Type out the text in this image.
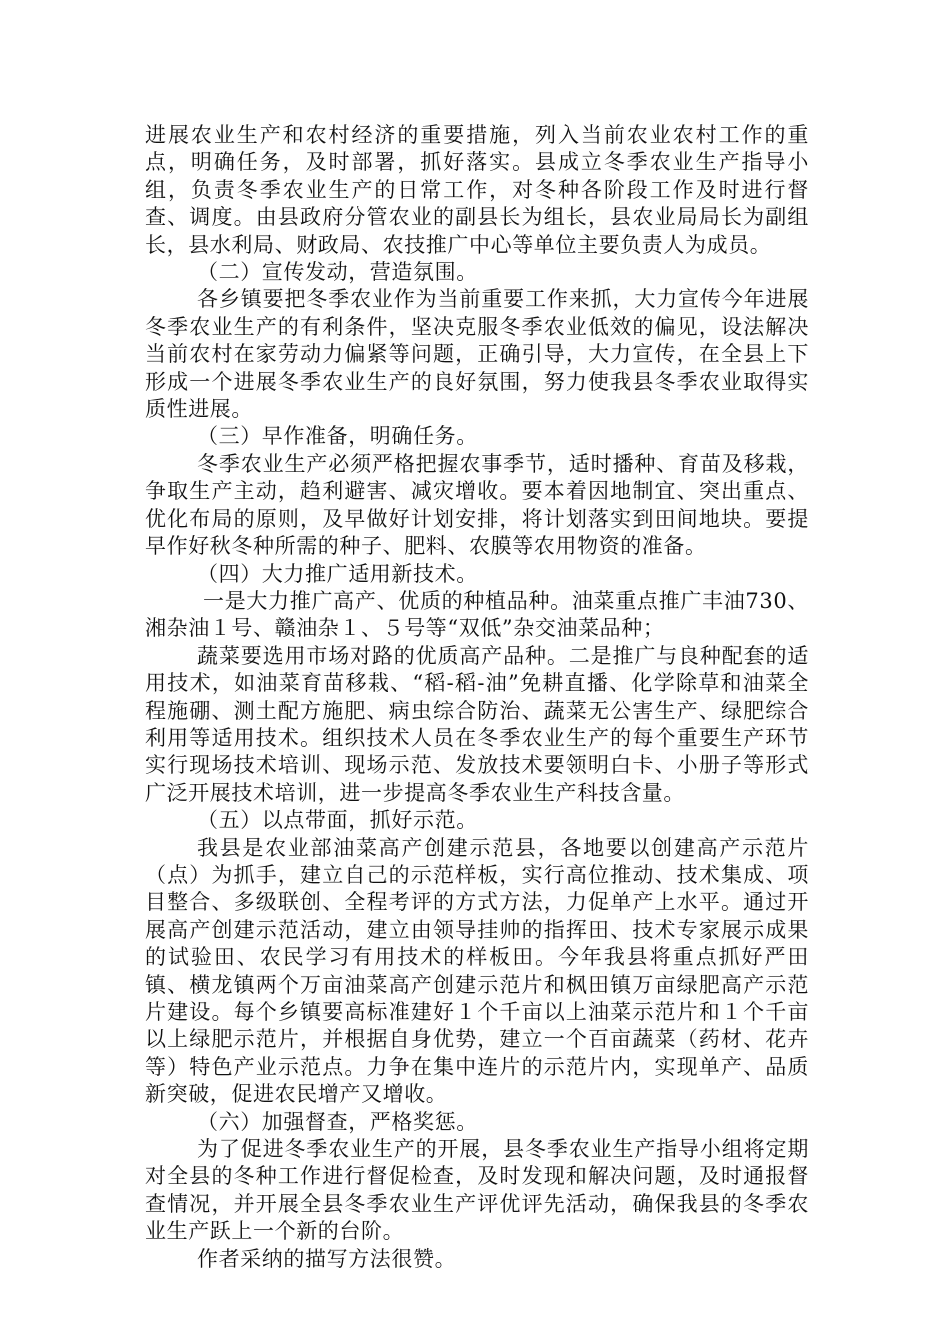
进展农业生产和农村经济的重要措施，列入当前农业农村工作的重点，明确任务，及时部署，抓好落实。县成立冬季农业生产指导小组，负责冬季农业生产的日常工作，对冬种各阶段工作及时进行督查、调度。由县政府分管农业的副县长为组长，县农业局局长为副组长，县水利局、财政局、农技推广中心等单位主要负责人为成员。

（二）宣传发动，营造氛围。

各乡镇要把冬季农业作为当前重要工作来抓，大力宣传今年进展冬季农业生产的有利条件，坚决克服冬季农业低效的偏见，设法解决当前农村在家劳动力偏紧等问题，正确引导，大力宣传，在全县上下形成一个进展冬季农业生产的良好氛围，努力使我县冬季农业取得实质性进展。

（三）早作准备，明确任务。

冬季农业生产必须严格把握农事季节，适时播种、育苗及移栽，争取生产主动，趋利避害、减灾增收。要本着因地制宜、突出重点、优化布局的原则，及早做好计划安排，将计划落实到田间地块。要提早作好秋冬种所需的种子、肥料、农膜等农用物资的准备。

（四）大力推广适用新技术。

一是大力推广高产、优质的种植品种。油菜重点推广丰油730、湘杂油１号、赣油杂１、５号等“双低”杂交油菜品种；

蔬菜要选用市场对路的优质高产品种。二是推广与良种配套的适用技术，如油菜育苗移栽、“稻-稻-油”免耕直播、化学除草和油菜全程施硼、测土配方施肥、病虫综合防治、蔬菜无公害生产、绿肥综合利用等适用技术。组织技术人员在冬季农业生产的每个重要生产环节实行现场技术培训、现场示范、发放技术要领明白卡、小册子等形式广泛开展技术培训，进一步提高冬季农业生产科技含量。

（五）以点带面，抓好示范。

我县是农业部油菜高产创建示范县，各地要以创建高产示范片（点）为抓手，建立自己的示范样板，实行高位推动、技术集成、项目整合、多级联创、全程考评的方式方法，力促单产上水平。通过开展高产创建示范活动，建立由领导挂帅的指挥田、技术专家展示成果的试验田、农民学习有用技术的样板田。今年我县将重点抓好严田镇、横龙镇两个万亩油菜高产创建示范片和枫田镇万亩绿肥高产示范片建设。每个乡镇要高标准建好１个千亩以上油菜示范片和１个千亩以上绿肥示范片，并根据自身优势，建立一个百亩蔬菜（药材、花卉等）特色产业示范点。力争在集中连片的示范片内，实现单产、品质新突破，促进农民增产又增收。

（六）加强督查，严格奖惩。

为了促进冬季农业生产的开展，县冬季农业生产指导小组将定期对全县的冬种工作进行督促检查，及时发现和解决问题，及时通报督查情况，并开展全县冬季农业生产评优评先活动，确保我县的冬季农业生产跃上一个新的台阶。

作者采纳的描写方法很赞。
